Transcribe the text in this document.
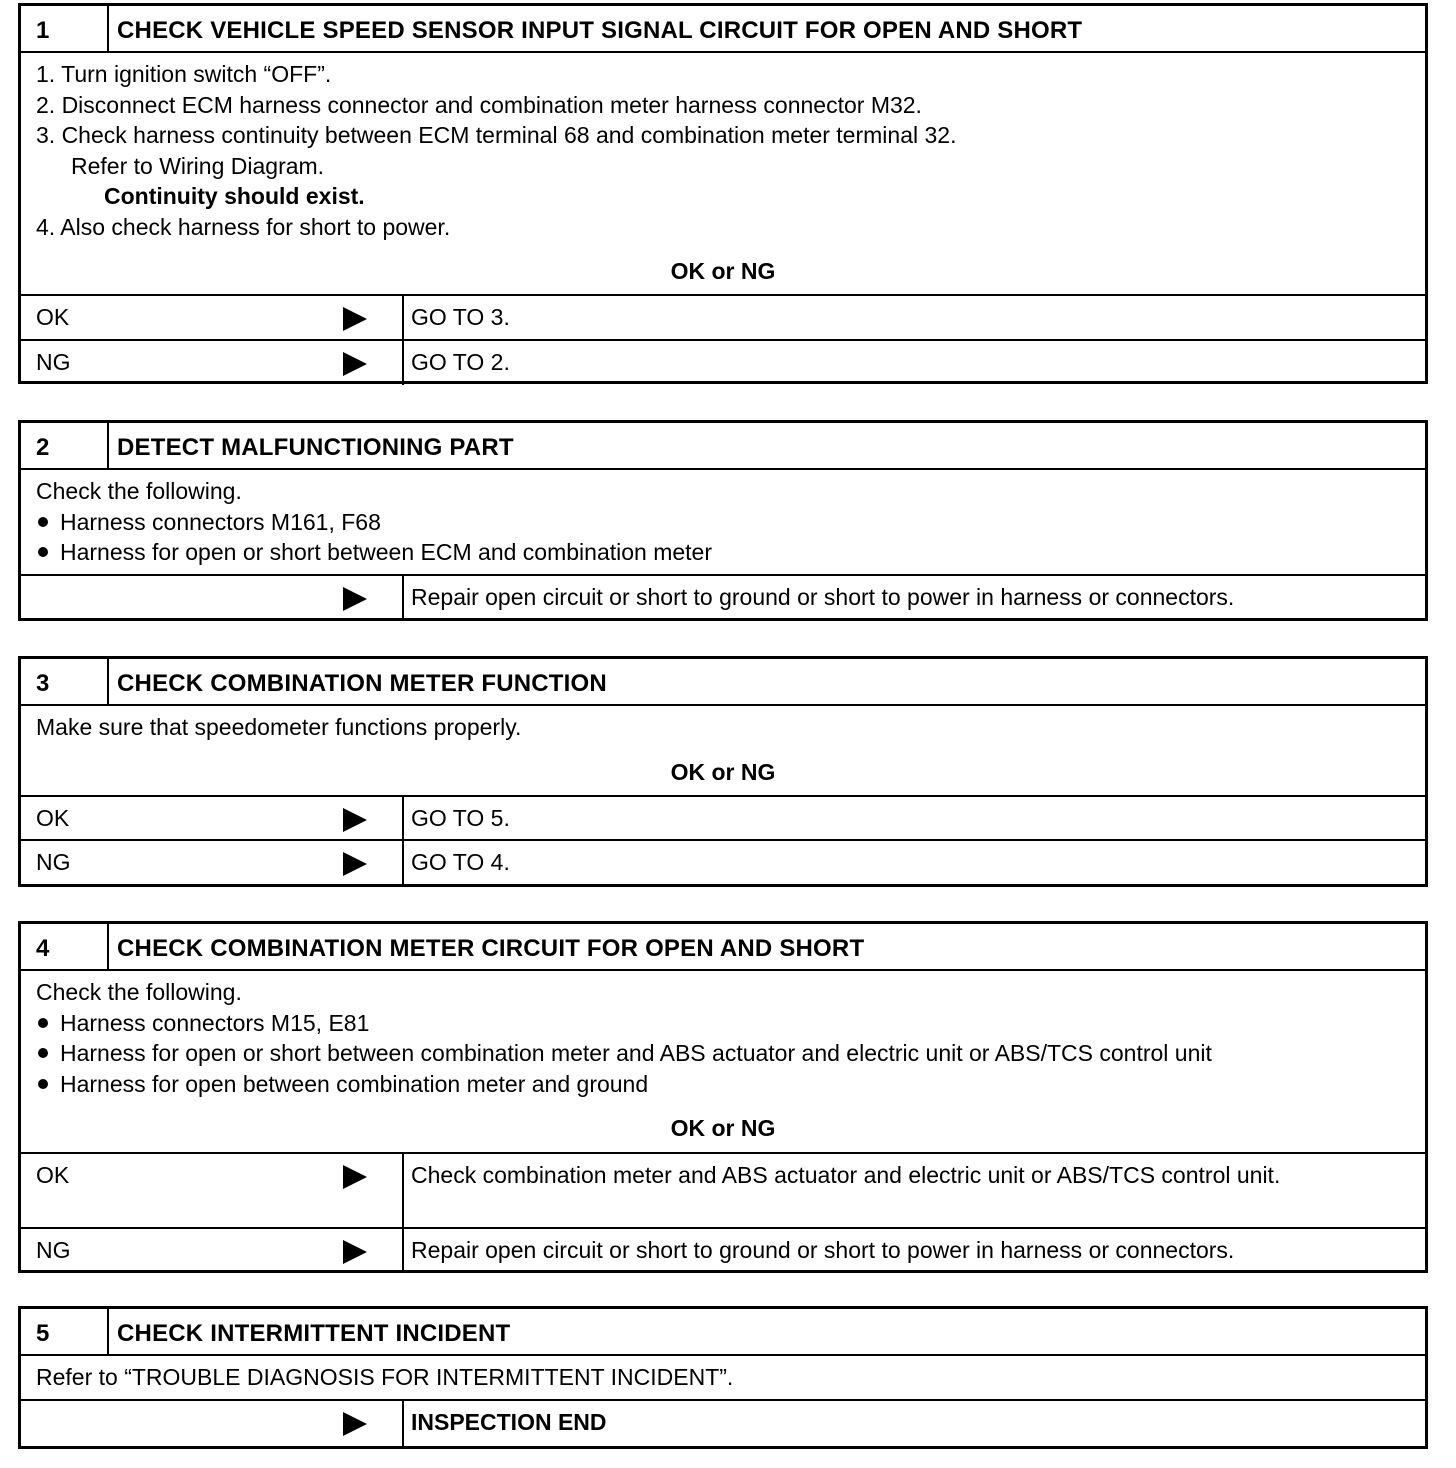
1	CHECK VEHICLE SPEED SENSOR INPUT SIGNAL CIRCUIT FOR OPEN AND SHORT
1. Turn ignition switch “OFF”.
2. Disconnect ECM harness connector and combination meter harness connector M32.
3. Check harness continuity between ECM terminal 68 and combination meter terminal 32.
Refer to Wiring Diagram.
Continuity should exist.
4. Also check harness for short to power.
OK or NG
OK	GO TO 3.
NG	GO TO 2.
2	DETECT MALFUNCTIONING PART
Check the following.
Harness connectors M161, F68
Harness for open or short between ECM and combination meter
Repair open circuit or short to ground or short to power in harness or connectors.
3	CHECK COMBINATION METER FUNCTION
Make sure that speedometer functions properly.
OK or NG
OK	GO TO 5.
NG	GO TO 4.
4	CHECK COMBINATION METER CIRCUIT FOR OPEN AND SHORT
Check the following.
Harness connectors M15, E81
Harness for open or short between combination meter and ABS actuator and electric unit or ABS/TCS control unit
Harness for open between combination meter and ground
OK or NG
OK	Check combination meter and ABS actuator and electric unit or ABS/TCS control unit.
NG	Repair open circuit or short to ground or short to power in harness or connectors.
5	CHECK INTERMITTENT INCIDENT
Refer to “TROUBLE DIAGNOSIS FOR INTERMITTENT INCIDENT”.
INSPECTION END
